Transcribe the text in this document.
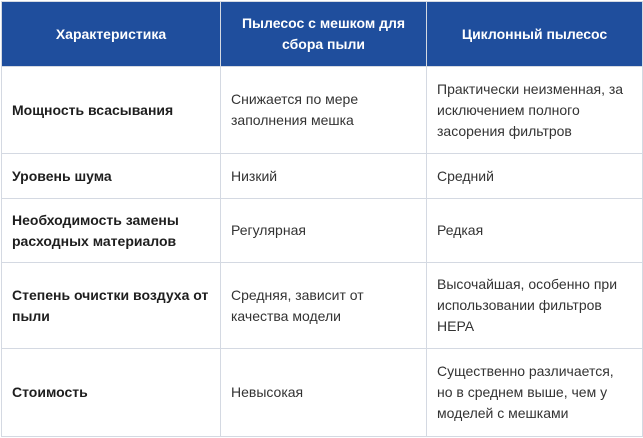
Характеристика	Пылесос с мешком для сбора пыли	Циклонный пылесос
Мощность всасывания	Снижается по мере заполнения мешка	Практически неизменная, за исключением полного засорения фильтров
Уровень шума	Низкий	Средний
Необходимость замены расходных материалов	Регулярная	Редкая
Степень очистки воздуха от пыли	Средняя, зависит от качества модели	Высочайшая, особенно при использовании фильтров HEPA
Стоимость	Невысокая	Существенно различается, но в среднем выше, чем у моделей с мешками
